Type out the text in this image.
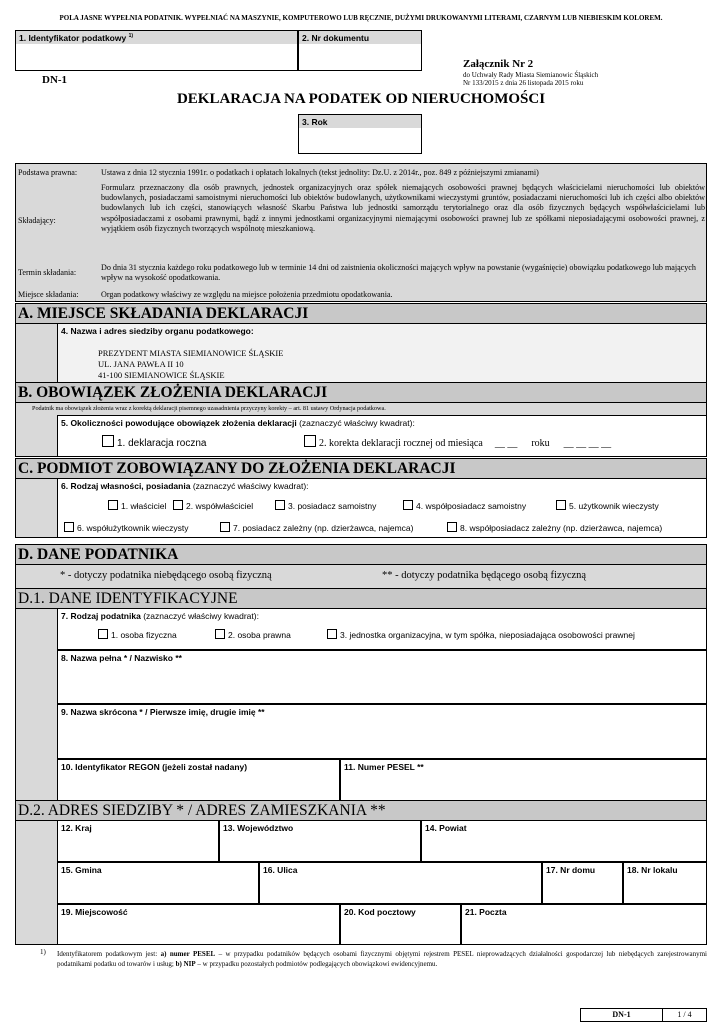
POLA JASNE WYPEŁNIA PODATNIK. WYPEŁNIAĆ NA MASZYNIE, KOMPUTEROWO LUB RĘCZNIE, DUŻYMI DRUKOWANYMI LITERAMI, CZARNYM LUB NIEBIESKIM KOLOREM.
1. Identyfikator podatkowy $^{1)}$	2. Nr dokumentu
Załącznik Nr 2
do Uchwały Rady Miasta Siemianowic Śląskich
Nr 133/2015 z dnia 26 listopada 2015 roku
DN-1
DEKLARACJA NA PODATEK OD NIERUCHOMOŚCI
3. Rok
Podstawa prawna:	Ustawa z dnia 12 stycznia 1991r. o podatkach i opłatach lokalnych (tekst jednolity: Dz.U. z 2014r., poz. 849 z późniejszymi zmianami)
Składający:
Formularz przeznaczony dla osób prawnych, jednostek organizacyjnych oraz spółek niemających osobowości prawnej będących właścicielami nieruchomości lub obiektów budowlanych, posiadaczami samoistnymi nieruchomości lub obiektów budowlanych, użytkownikami wieczystymi gruntów, posiadaczami nieruchomości lub ich części albo obiektów budowlanych lub ich części, stanowiących własność Skarbu Państwa lub jednostki samorządu terytorialnego oraz dla osób fizycznych będących współwłaścicielami lub współposiadaczami z osobami prawnymi, bądź z innymi jednostkami organizacyjnymi niemającymi osobowości prawnej lub ze spółkami nieposiadającymi osobowości prawnej, z wyjątkiem osób fizycznych tworzących wspólnotę mieszkaniową.
Termin składania:
Do dnia 31 stycznia każdego roku podatkowego lub w terminie 14 dni od zaistnienia okoliczności mających wpływ na powstanie (wygaśnięcie) obowiązku podatkowego lub mających wpływ na wysokość opodatkowania.
Miejsce składania:	Organ podatkowy właściwy ze względu na miejsce położenia przedmiotu opodatkowania.
A. MIEJSCE SKŁADANIA DEKLARACJI
4. Nazwa i adres siedziby organu podatkowego:
PREZYDENT MIASTA SIEMIANOWICE ŚLĄSKIE
UL. JANA PAWŁA II 10
41-100 SIEMIANOWICE ŚLĄSKIE
B. OBOWIĄZEK ZŁOŻENIA DEKLARACJI
Podatnik ma obowiązek złożenia wraz z korektą deklaracji pisemnego uzasadnienia przyczyny korekty – art. 81 ustawy Ordynacja podatkowa.
5. Okoliczności powodujące obowiązek złożenia deklaracji (zaznaczyć właściwy kwadrat):
1. deklaracja roczna	2. korekta deklaracji rocznej od miesiąca __ __ roku __ __ __ __
C. PODMIOT ZOBOWIĄZANY DO ZŁOŻENIA DEKLARACJI
6. Rodzaj własności, posiadania (zaznaczyć właściwy kwadrat):
1. właściciel	2. współwłaściciel	3. posiadacz samoistny	4. współposiadacz samoistny	5. użytkownik wieczysty
6. współużytkownik wieczysty	7. posiadacz zależny (np. dzierżawca, najemca)	8. współposiadacz zależny (np. dzierżawca, najemca)
D. DANE PODATNIKA
* - dotyczy podatnika niebędącego osobą fizyczną	** - dotyczy podatnika będącego osobą fizyczną
D.1. DANE IDENTYFIKACYJNE
7. Rodzaj podatnika (zaznaczyć właściwy kwadrat):
1. osoba fizyczna	2. osoba prawna	3. jednostka organizacyjna, w tym spółka, nieposiadająca osobowości prawnej
8. Nazwa pełna * / Nazwisko **
9. Nazwa skrócona * / Pierwsze imię, drugie imię **
10. Identyfikator REGON (jeżeli został nadany)	11. Numer PESEL **
D.2. ADRES SIEDZIBY * / ADRES ZAMIESZKANIA **
12. Kraj	13. Województwo	14. Powiat
15. Gmina	16. Ulica	17. Nr domu	18. Nr lokalu
19. Miejscowość	20. Kod pocztowy	21. Poczta
1) Identyfikatorem podatkowym jest: a) numer PESEL – w przypadku podatników będących osobami fizycznymi objętymi rejestrem PESEL nieprowadzących działalności gospodarczej lub niebędących zarejestrowanymi podatnikami podatku od towarów i usług; b) NIP – w przypadku pozostałych podmiotów podlegających obowiązkowi ewidencyjnemu.
DN-1	1 / 4
